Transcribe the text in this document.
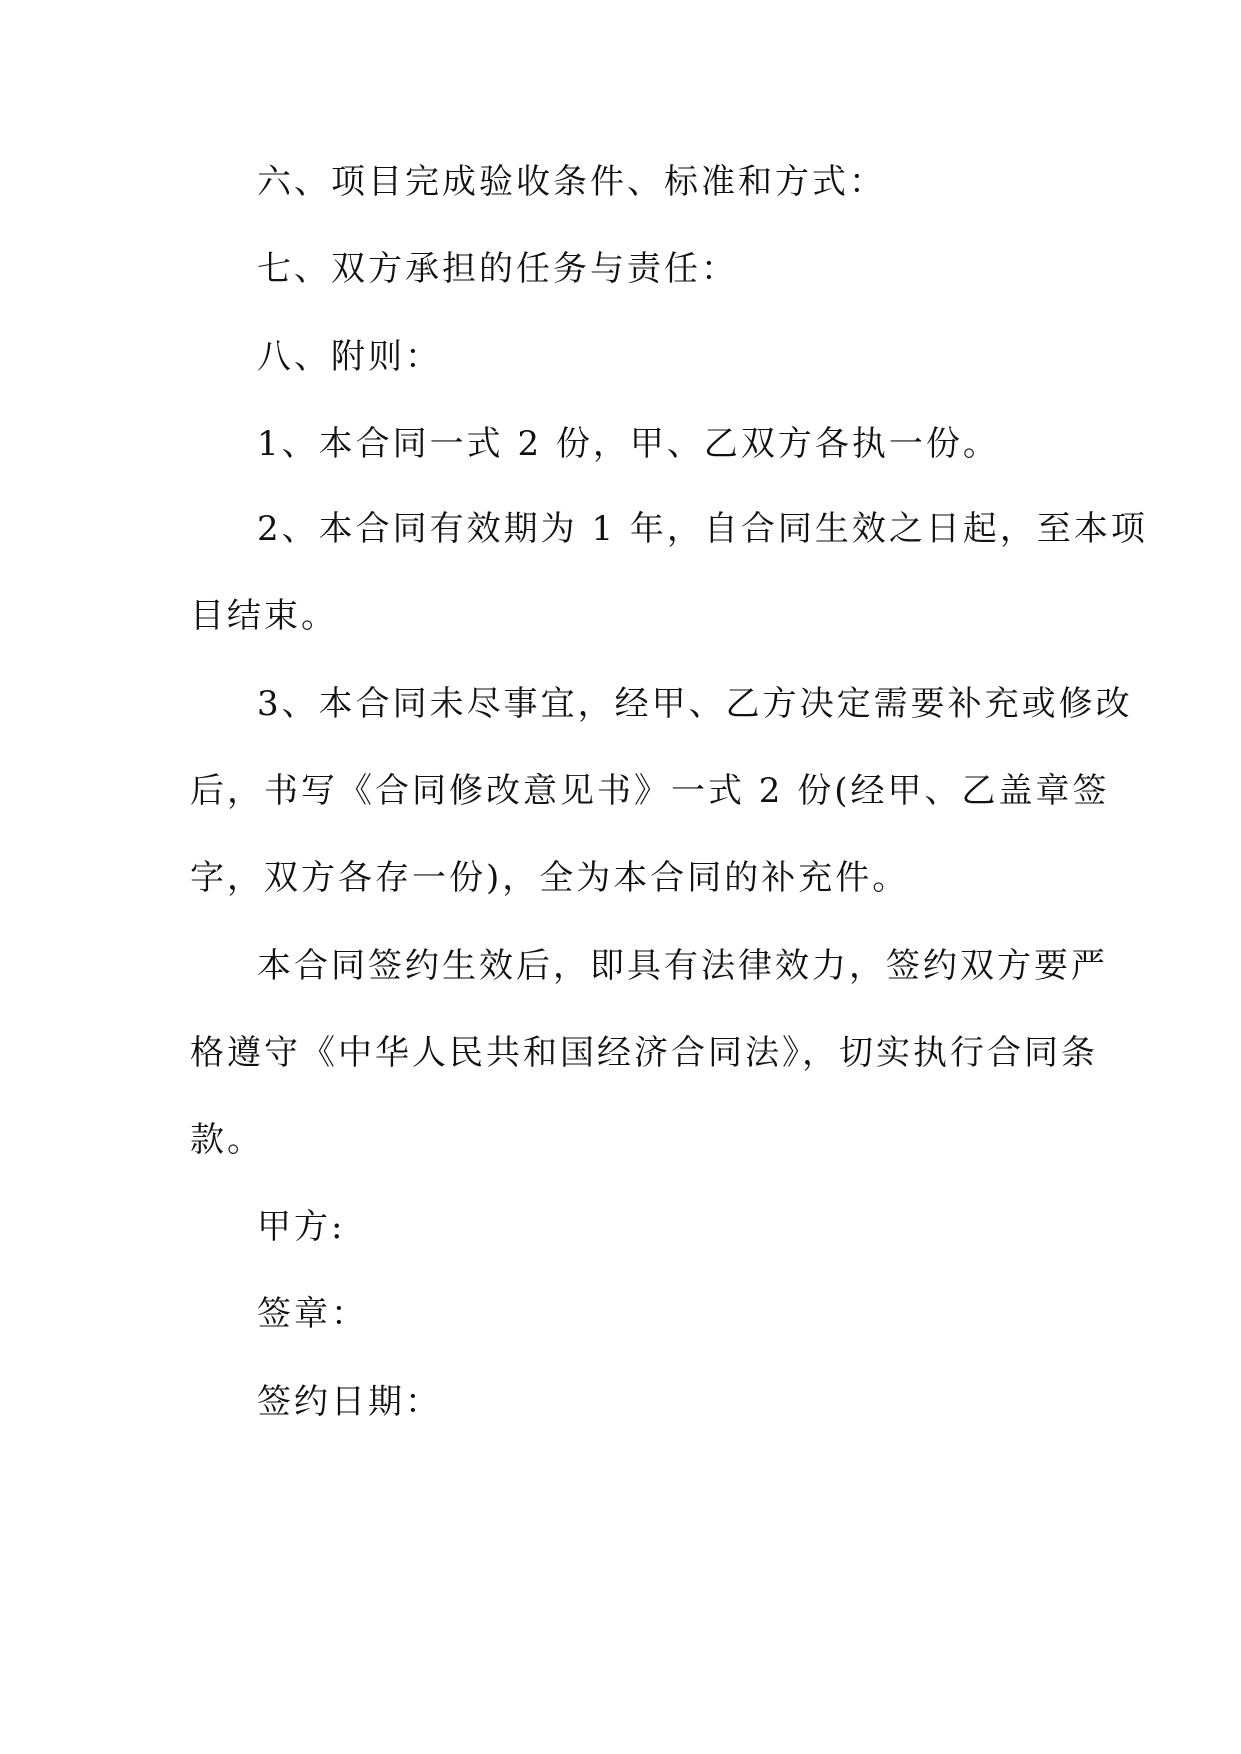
六、项目完成验收条件、标准和方式：
七、双方承担的任务与责任：
八、附则：
1、本合同一式 2 份，甲、乙双方各执一份。
2、本合同有效期为 1 年，自合同生效之日起，至本项
目结束。
3、本合同未尽事宜，经甲、乙方决定需要补充或修改
后，书写《合同修改意见书》一式 2 份(经甲、乙盖章签
字，双方各存一份)，全为本合同的补充件。
本合同签约生效后，即具有法律效力，签约双方要严
格遵守《中华人民共和国经济合同法》，切实执行合同条
款。
甲方:
签章：
签约日期：
